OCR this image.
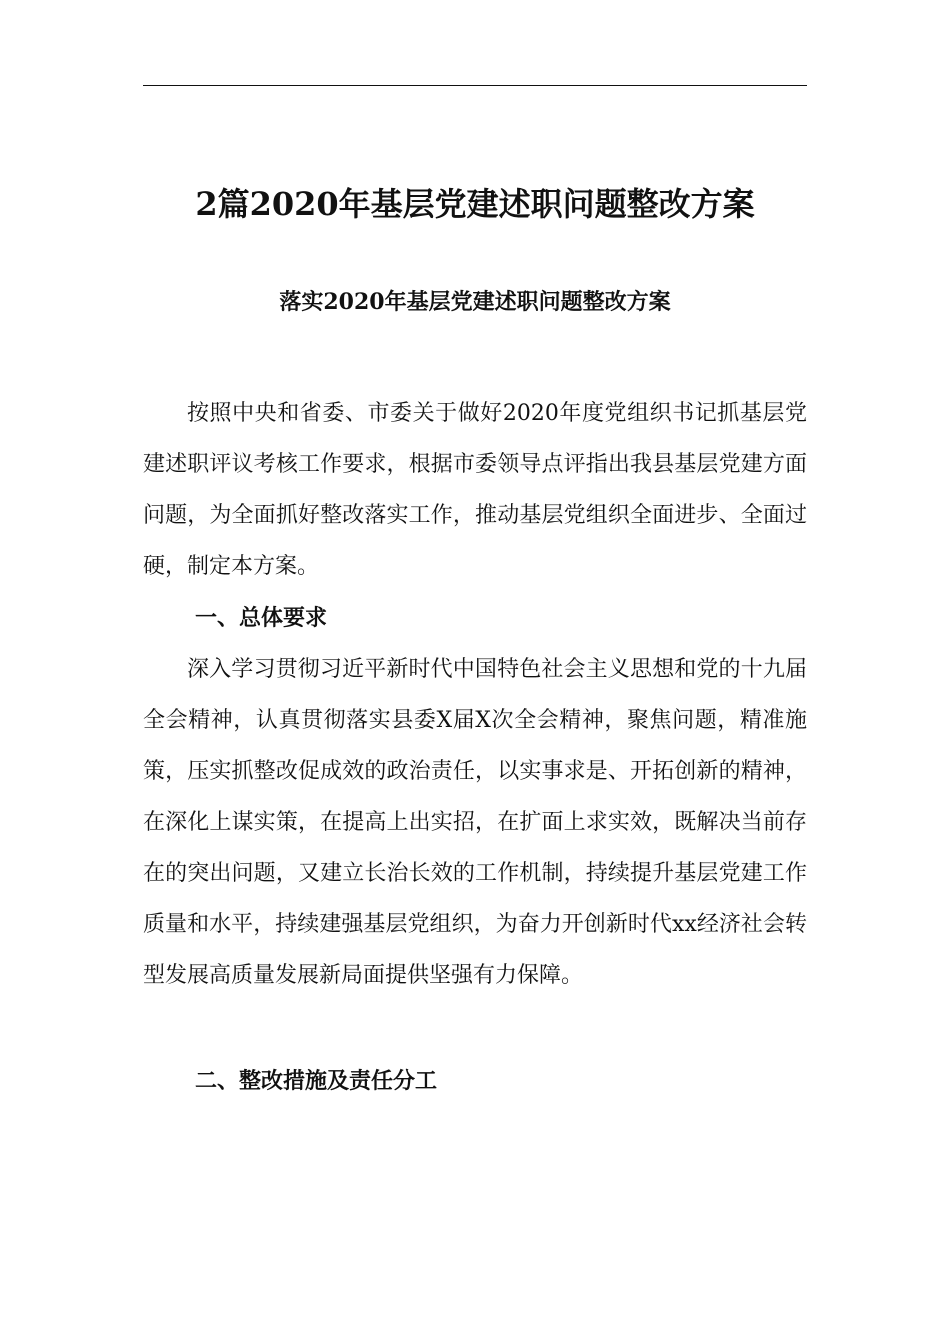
2篇2020年基层党建述职问题整改方案
落实2020年基层党建述职问题整改方案

按照中央和省委、市委关于做好2020年度党组织书记抓基层党建述职评议考核工作要求，根据市委领导点评指出我县基层党建方面问题，为全面抓好整改落实工作，推动基层党组织全面进步、全面过硬，制定本方案。

一、总体要求

深入学习贯彻习近平新时代中国特色社会主义思想和党的十九届全会精神，认真贯彻落实县委X届X次全会精神，聚焦问题，精准施策，压实抓整改促成效的政治责任，以实事求是、开拓创新的精神，在深化上谋实策，在提高上出实招，在扩面上求实效，既解决当前存在的突出问题，又建立长治长效的工作机制，持续提升基层党建工作质量和水平，持续建强基层党组织，为奋力开创新时代xx经济社会转型发展高质量发展新局面提供坚强有力保障。

二、整改措施及责任分工
